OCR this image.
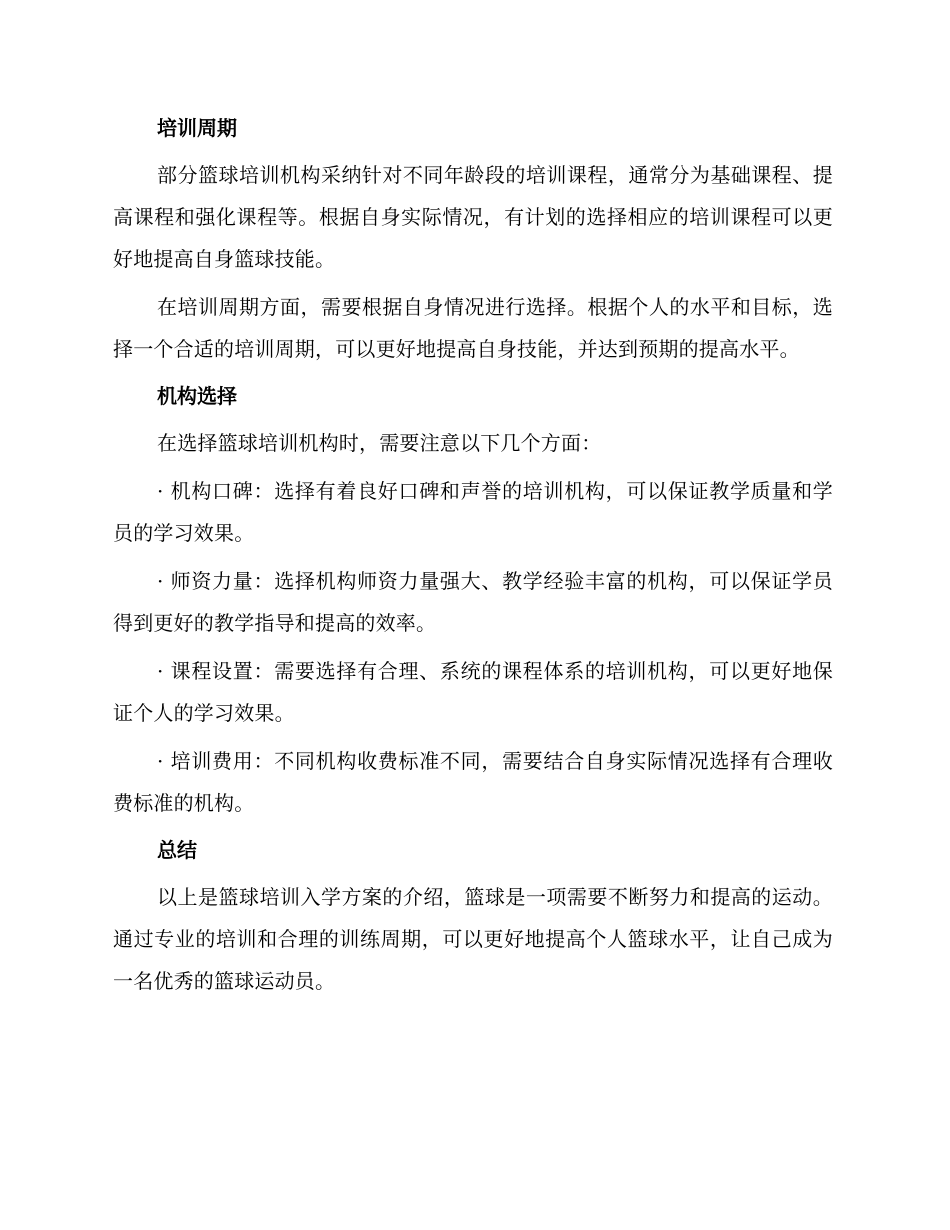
培训周期

部分篮球培训机构采纳针对不同年龄段的培训课程，通常分为基础课程、提高课程和强化课程等。根据自身实际情况，有计划的选择相应的培训课程可以更好地提高自身篮球技能。

在培训周期方面，需要根据自身情况进行选择。根据个人的水平和目标，选择一个合适的培训周期，可以更好地提高自身技能，并达到预期的提高水平。

机构选择

在选择篮球培训机构时，需要注意以下几个方面：

· 机构口碑：选择有着良好口碑和声誉的培训机构，可以保证教学质量和学员的学习效果。

· 师资力量：选择机构师资力量强大、教学经验丰富的机构，可以保证学员得到更好的教学指导和提高的效率。

· 课程设置：需要选择有合理、系统的课程体系的培训机构，可以更好地保证个人的学习效果。

· 培训费用：不同机构收费标准不同，需要结合自身实际情况选择有合理收费标准的机构。

总结

以上是篮球培训入学方案的介绍，篮球是一项需要不断努力和提高的运动。通过专业的培训和合理的训练周期，可以更好地提高个人篮球水平，让自己成为一名优秀的篮球运动员。
